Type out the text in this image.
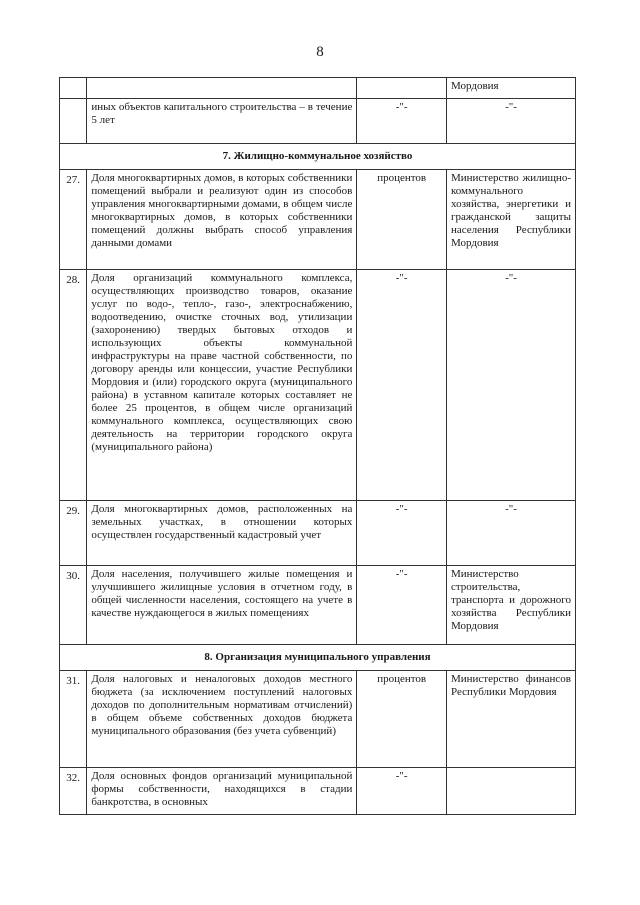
8
			Мордовия
	иных объектов капитального строительства – в течение 5 лет	-"-	-"-
7. Жилищно-коммунальное хозяйство			
27.	Доля многоквартирных домов, в которых собственники помещений выбрали и реализуют один из способов управления многоквартирными домами, в общем числе многоквартирных домов, в которых собственники помещений должны выбрать способ управления данными домами	процентов	Министерство жилищно-коммунального хозяйства, энергетики и гражданской защиты населения Республики Мордовия
28.	Доля организаций коммунального комплекса, осуществляющих производство товаров, оказание услуг по водо-, тепло-, газо-, электроснабжению, водоотведению, очистке сточных вод, утилизации (захоронению) твердых бытовых отходов и использующих объекты коммунальной инфраструктуры на праве частной собственности, по договору аренды или концессии, участие Республики Мордовия и (или) городского округа (муниципального района) в уставном капитале которых составляет не более 25 процентов, в общем числе организаций коммунального комплекса, осуществляющих свою деятельность на территории городского округа (муниципального района)	-"-	-"-
29.	Доля многоквартирных домов, расположенных на земельных участках, в отношении которых осуществлен государственный кадастровый учет	-"-	-"-
30.	Доля населения, получившего жилые помещения и улучшившего жилищные условия в отчетном году, в общей численности населения, состоящего на учете в качестве нуждающегося в жилых помещениях	-"-	Министерство строительства, транспорта и дорожного хозяйства Республики Мордовия
8. Организация муниципального управления			
31.	Доля налоговых и неналоговых доходов местного бюджета (за исключением поступлений налоговых доходов по дополнительным нормативам отчислений) в общем объеме собственных доходов бюджета муниципального образования (без учета субвенций)	процентов	Министерство финансов Республики Мордовия
32.	Доля основных фондов организаций муниципальной формы собственности, находящихся в стадии банкротства, в основных	-"-	
